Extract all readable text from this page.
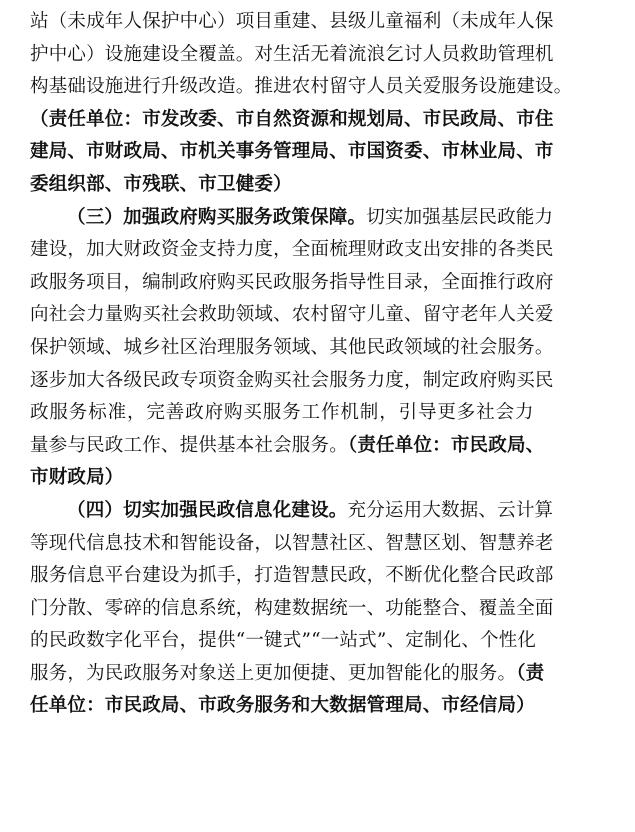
站（未成年人保护中心）项目重建、县级儿童福利（未成年人保
护中心）设施建设全覆盖。对生活无着流浪乞讨人员救助管理机
构基础设施进行升级改造。推进农村留守人员关爱服务设施建设。
（责任单位：市发改委、市自然资源和规划局、市民政局、市住
建局、市财政局、市机关事务管理局、市国资委、市林业局、市
委组织部、市残联、市卫健委）
（三）加强政府购买服务政策保障。切实加强基层民政能力
建设，加大财政资金支持力度，全面梳理财政支出安排的各类民
政服务项目，编制政府购买民政服务指导性目录，全面推行政府
向社会力量购买社会救助领域、农村留守儿童、留守老年人关爱
保护领域、城乡社区治理服务领域、其他民政领域的社会服务。
逐步加大各级民政专项资金购买社会服务力度，制定政府购买民
政服务标准，完善政府购买服务工作机制，引导更多社会力
量参与民政工作、提供基本社会服务。（责任单位：市民政局、
市财政局）
（四）切实加强民政信息化建设。充分运用大数据、云计算
等现代信息技术和智能设备，以智慧社区、智慧区划、智慧养老
服务信息平台建设为抓手，打造智慧民政，不断优化整合民政部
门分散、零碎的信息系统，构建数据统一、功能整合、覆盖全面
的民政数字化平台，提供“一键式”“一站式”、定制化、个性化
服务，为民政服务对象送上更加便捷、更加智能化的服务。（责
任单位：市民政局、市政务服务和大数据管理局、市经信局）
